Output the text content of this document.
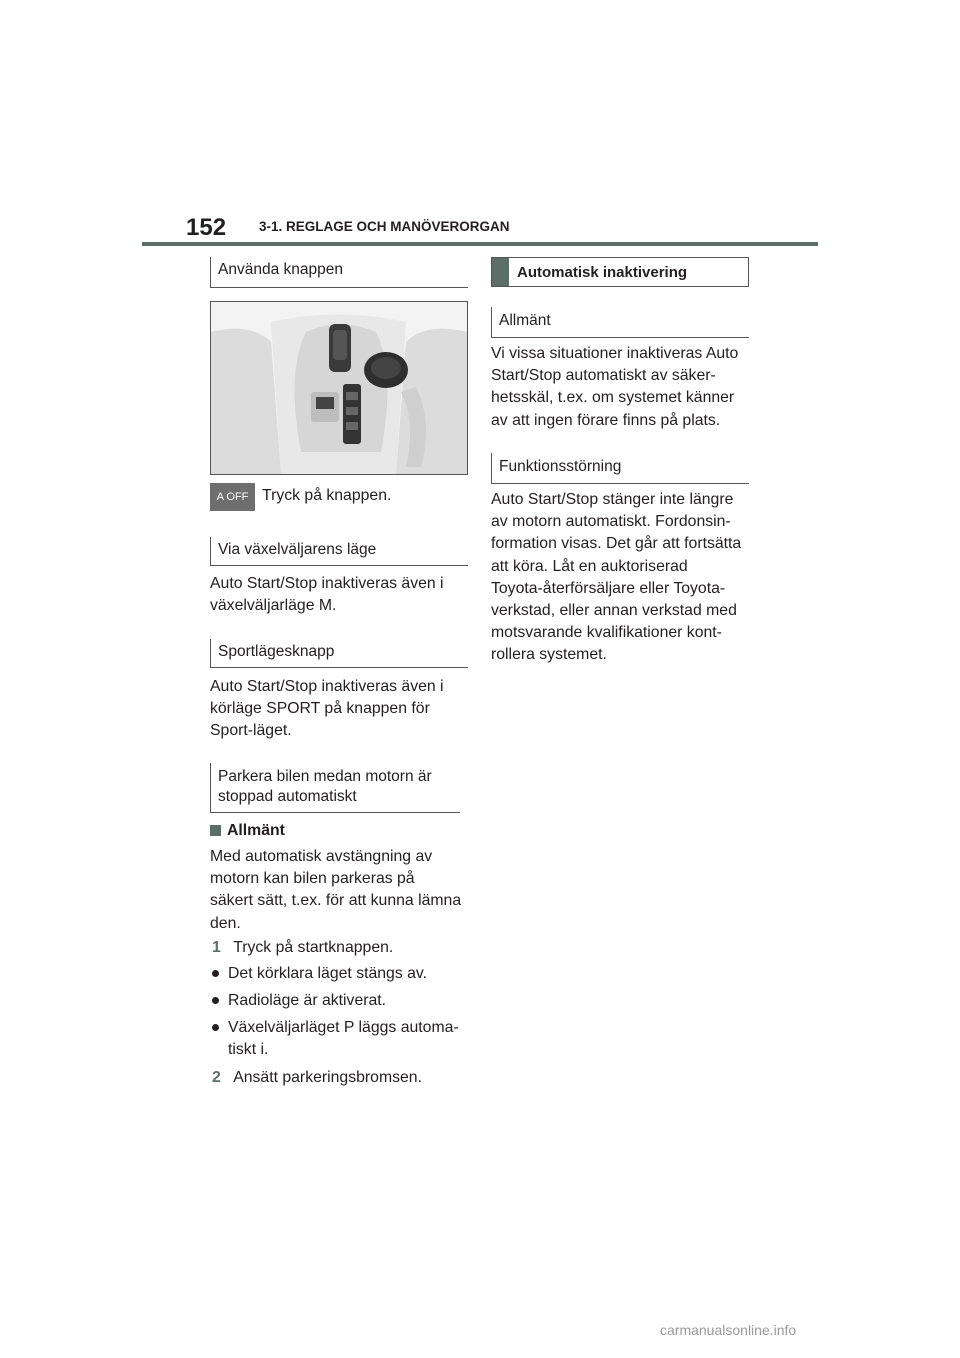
152 3-1. REGLAGE OCH MANÖVERORGAN
Använda knappen
A OFF Tryck på knappen.
Via växelväljarens läge
Auto Start/Stop inaktiveras även i
växelväljarläge M.
Sportlägesknapp
Auto Start/Stop inaktiveras även i
körläge SPORT på knappen för
Sport-läget.
Parkera bilen medan motorn är
stoppad automatiskt
Allmänt
Med automatisk avstängning av
motorn kan bilen parkeras på
säkert sätt, t.ex. för att kunna lämna
den.
1 Tryck på startknappen.
Det körklara läget stängs av.
Radioläge är aktiverat.
Växelväljarläget P läggs automa-
tiskt i.
2 Ansätt parkeringsbromsen.
Automatisk inaktivering
Allmänt
Vi vissa situationer inaktiveras Auto
Start/Stop automatiskt av säker-
hetsskäl, t.ex. om systemet känner
av att ingen förare finns på plats.
Funktionsstörning
Auto Start/Stop stänger inte längre
av motorn automatiskt. Fordonsin-
formation visas. Det går att fortsätta
att köra. Låt en auktoriserad
Toyota-återförsäljare eller Toyota-
verkstad, eller annan verkstad med
motsvarande kvalifikationer kont-
rollera systemet.
carmanualsonline.info
